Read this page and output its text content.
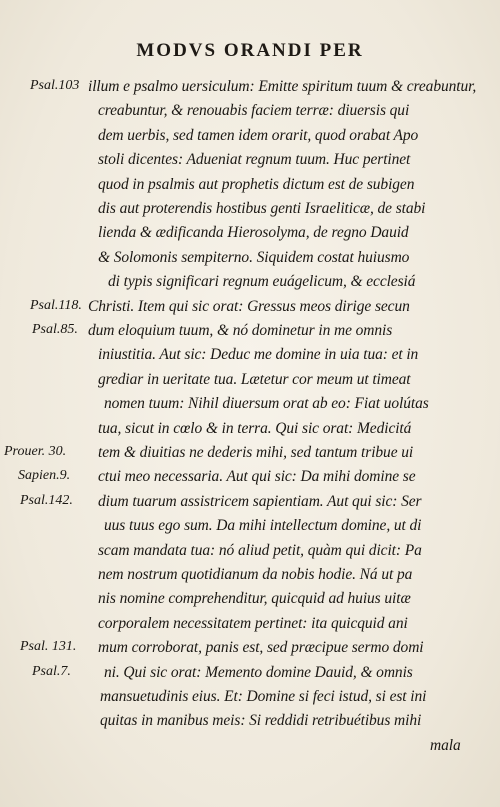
MODVS ORANDI PER
Psal.103 illum e psalmo uersiculum: Emitte spiritum tuum & creabuntur,
creabuntur, & renouabis faciem terræ: diuersis qui
dem uerbis, sed tamen idem orarit, quod orabat Apo
stoli dicentes: Adueniat regnum tuum. Huc pertinet
quod in psalmis aut prophetis dictum est de subigen
dis aut proterendis hostibus genti Israeliticæ, de stabi
lienda & ædificanda Hierosolyma, de regno Dauid
& Solomonis sempiterno. Siquidem costat huiusmo
di typis significari regnum euágelicum, & ecclesiá
Psal.118. Christi. Item qui sic orat: Gressus meos dirige secun
Psal.85. dum eloquium tuum, & nó dominetur in me omnis
iniustitia. Aut sic: Deduc me domine in uia tua: et in
grediar in ueritate tua. Lætetur cor meum ut timeat
nomen tuum: Nihil diuersum orat ab eo: Fiat uolútas
tua, sicut in cœlo & in terra. Qui sic orat: Medicitá
Prouer. 30. tem & diuitias ne dederis mihi, sed tantum tribue ui
Sapien.9. ctui meo necessaria. Aut qui sic: Da mihi domine se
Psal.142. dium tuarum assistricem sapientiam. Aut qui sic: Ser
uus tuus ego sum. Da mihi intellectum domine, ut di
scam mandata tua: nó aliud petit, quàm qui dicit: Pa
nem nostrum quotidianum da nobis hodie. Ná ut pa
nis nomine comprehenditur, quicquid ad huius uitæ
corporalem necessitatem pertinet: ita quicquid ani
Psal. 131. mum corroborat, panis est, sed præcipue sermo domi
Psal.7. ni. Qui sic orat: Memento domine Dauid, & omnis
mansuetudinis eius. Et: Domine si feci istud, si est ini
quitas in manibus meis: Si reddidi retribuétibus mihi
mala
